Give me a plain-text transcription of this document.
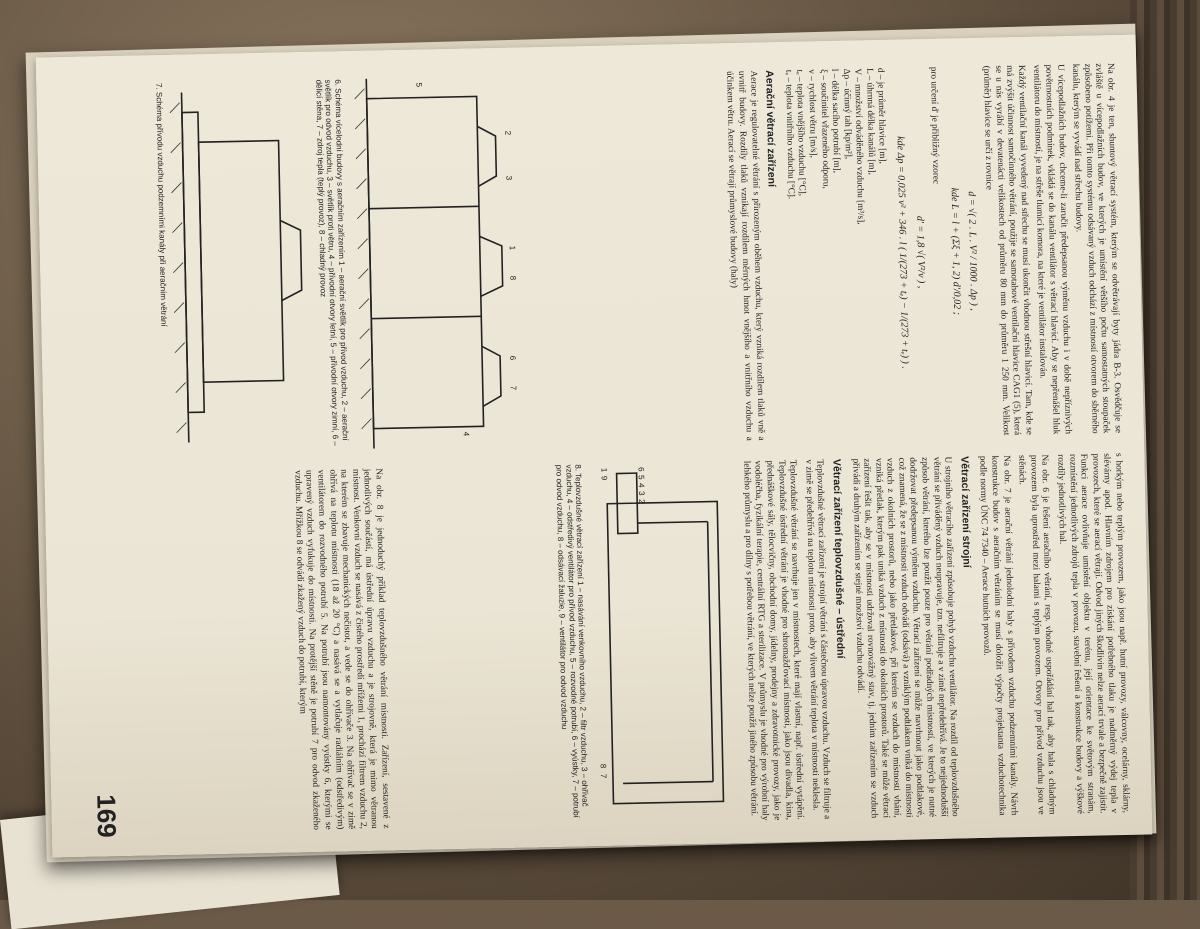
Na obr. 4 je ten, shuntový větrací systém, kterým se odvětrávají byty jádra B-3. Osvědčuje se zvláště u vícepodlažních budov, ve kterých je umístění většího počtu samostatných stoupaček způsobeno potížemi. Při tomto systému odsávaný vzduch odchází z místností otvorem do sběrného kanálu, kterým se vyvádí nad střechu budovy.

U vícepodlažních budov, chceme-li zaručit předepsanou výměnu vzduchu i v době nepříznivých povětrnostních podmínek, vkládá se do kanálu ventilátor s větrací hlavicí. Aby se nepřenášel hluk ventilátoru do místností, je na střeše tlumicí komora, na které je ventilátor instalován.

Každý ventilační kanál vyvedený nad střechu se musí ukončit vhodnou střešní hlavicí. Tam, kde se má zvýšit účinnost samočinného větrání, použije se samotahové ventilační hlavice CAG1 (5), která se u nás vyrábí v devatenácti velikostech od průměru 80 mm do průměru 1 250 mm. Velikost (průměr) hlavice se určí z rovnice

d = √( 2 . L . V² / 1000 . Δp ) ,
kde L = l + (Σξ + 1, 2) d'/0,02 ;

pro určení d' je přibližný vzorec

d' = 1,8 √( V²/v ) ,
kde Δp = 0,025 v² + 346 . l ( 1/(273 + tₑ) − 1/(273 + tᵥ) ) .

d – je průměr hlavice [m],

L – úhrnná délka kanálů [m],

V – množství odváděného vzduchu [m³/s],

Δp – účinný tah [kp/m²],

l – délka sacího potrubí [m],

ξ – součinitel vřazeného odporu,

v – rychlost větru [m/s],

tₑ – teplota vnějšího vzduchu [°C],

tᵥ – teplota vnitřního vzduchu [°C].

Aerační větrací zařízení

Aerace je regulovatelné větrání s přirozeným oběhem vzduchu, který vzniká rozdílem tlaků vně a uvnitř budovy. Rozdíly tlaků vznikají rozdílem měrných hmot vnějšího a vnitřního vzduchu a účinkem větru. Aerací se větrají průmyslové budovy (haly)

2
3
1
8
6
7
4
5
6. Schéma vícelodní budovy s aeračním zařízením 1 – aerační světlík pro přívod vzduchu, 2 – aerační světlík pro odvod vzduchu, 3 – světlík proti větru, 4 – přívodní otvory letní, 5 – přívodní otvory zimní, 6 – dělicí stěna, 7 – zdroj tepla (teplý provoz), 8 – chladný provoz
7. Schéma přívodu vzduchu podzemními kanály při aeračním větrání

s horkým nebo teplým provozem, jako jsou např. hutní provozy, válcovny, ocelárny, sklárny, slévárny apod. Hlavním zdrojem pro získání potřebného tlaku je nadměrný výdej tepla v provozech, které se aerací větrají. Odvod jiných škodlivin nelze aerací trvale a bezpečně zajistit. Funkci aerace ovlivňuje umístění objektu v terénu, její orientace ke světovým stranám, rozmístění jednotlivých zdrojů tepla v provozu, stavební řešení a konstrukce budovy a výškové rozdíly jednotlivých hal.

Na obr. 6 je řešení aeračního větrání, resp. vhodné uspořádání hal tak, aby hala s chladným provozem byla uprostřed mezi halami s teplým provozem. Otvory pro přívod vzduchu jsou ve stěnách.

Na obr. 7 je aerační větrání jednolodní haly s přívodem vzduchu podzemními kanály. Návrh konstrukce budov s aeračním větráním se musí doložit výpočty projektanta vzduchotechnika podle normy ÚNC 74 7340 – Aerace hutních provozů.

Větrací zařízení strojní

U strojního větracího zařízení způsobuje pohyb vzduchu ventilátor. Na rozdíl od teplovzdušného větrání se přiváděný vzduch neupravuje, tzn. nefiltruje a v zimě nepředehřívá. Je to nejjednodušší způsob větrání, kterého lze použít pouze pro větrání podřadných místností, ve kterých je nutné dodržovat předepsanou výměnu vzduchu. Větrací zařízení se může navrhnout jako podtlakové, což znamená, že se z místnosti vzduch odvádí (odsává) a vzniklým podtlakem vniká do místnosti vzduch z okolních prostorů, nebo jako přetlakové, při kterém se vzduch do místnosti vhání, vzniká přetlak, kterým pak uniká vzduch z místnosti do okolních prostorů. Také se může větrací zařízení řešit tak, aby se v místnosti udržoval rovnovážný stav, tj. jednim zařízením se vzduch přivádí a druhým zařízením se stejné množství vzduchu odvádí.

Větrací zařízení teplovzdušné – ústřední

Teplovzdušné větrací zařízení je strojní větrání s částečnou úpravou vzduchu. Vzduch se filtruje a v zimě se předehřívá na teplotu místnosti proto, aby vlivem větrání teplota v místnosti neklesla.

Teplovzdušné větrání se navrhuje jen v místnostech, které mají vlastní, např. ústřední vytápění. Teplovzdušné ústřední větrání je vhodné pro shromažďovací místnosti, jako jsou divadla, kina, přednáškové sály, tělocvičny, obchodní domy, jídelny, prodejny a zdravotnické provozy, jako je vodoléčba, fyzikální terapie, centrální RTG a sterilizace. V průmyslu je vhodné pro výrobní haly lehkého průmyslu a pro dílny s potřebou větrání, ve kterých nelze použít jiného způsobu větrání.

6
5
4
3
2
1
9
8
7
8. Teplovzdušné větrací zařízení 1 – nasávání venkovního vzduchu, 2 – filtr vzduchu, 3 – ohřívač vzduchu, 4 – odstředivý ventilátor pro přívod vzduchu, 5 – rozvodné potrubí, 6 – vyústky, 7 – potrubí pro odvod vzduchu, 8 – odsávací žaluzie, 9 – ventilátor pro odvod vzduchu

Na obr. 8 je jednoduchý příklad teplovzdušného větrání místnosti. Zařízení, sestavené z jednotlivých součástí, má ústřední úpravu vzduchu a je strojovně, která je mimo větranou místnost. Venkovní vzduch se nasává z čistého prostředí mřížemi 1, prochází filtrem vzduchu 2, na kterém se zbavuje mechanických nečistot, a vede se do ohřívače 3. Na ohřívač se v zimě ohřívá na teplotu místnosti (18 až 20 °C) a nasává se a vytlačuje radiálním (odstředivým) ventilátorem do rozvodného potrubí 5. Na potrubí jsou namontovány vyústky 6, kterými se upravený vzduch vyfukuje do místnosti. Na protější stěně je potrubí 7 pro odvod zkaženého vzduchu. Mřížkou 8 se odvádí zkažený vzduch do potrubí, kterým

169
